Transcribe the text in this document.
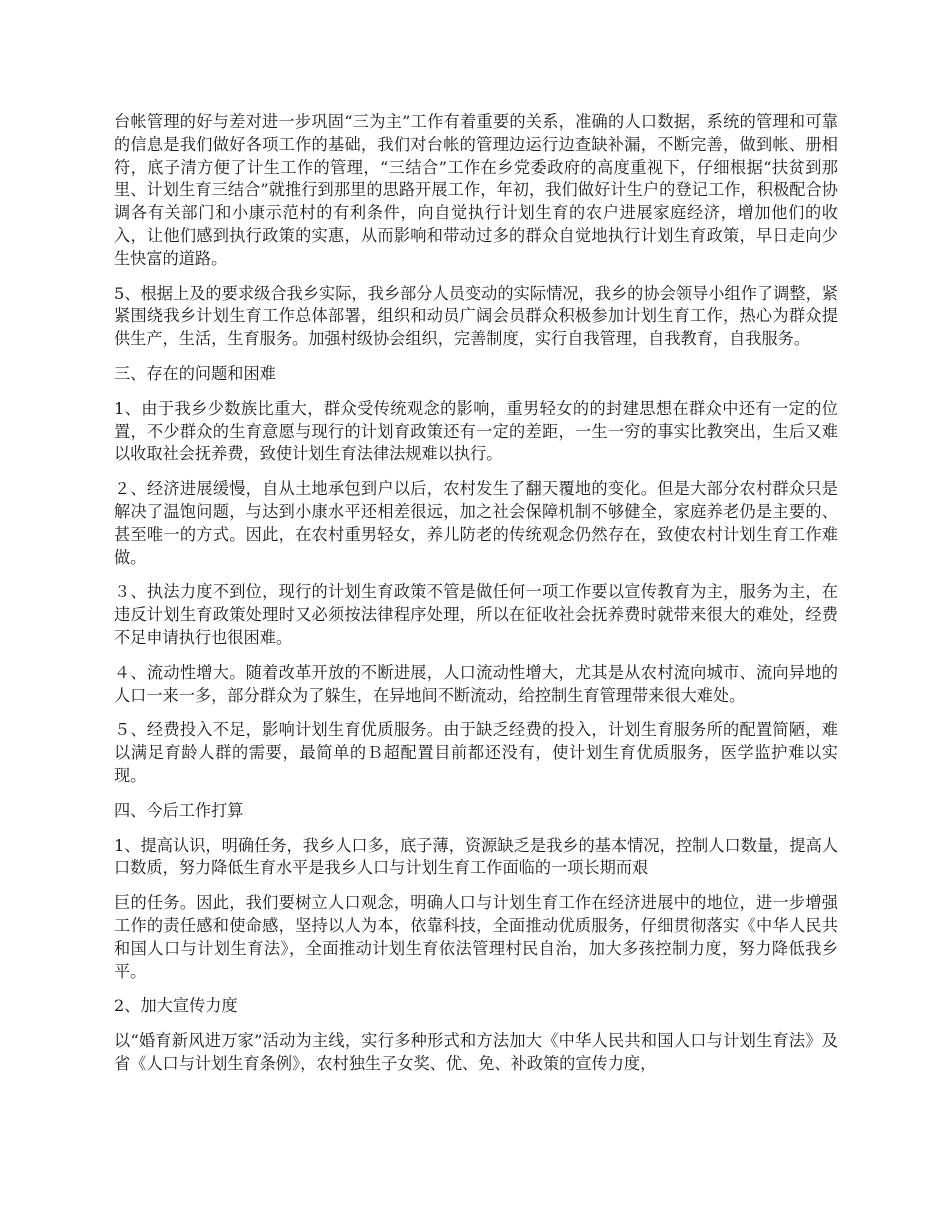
台帐管理的好与差对进一步巩固“三为主”工作有着重要的关系，准确的人口数据，系统的管理和可靠的信息是我们做好各项工作的基础，我们对台帐的管理边运行边查缺补漏，不断完善，做到帐、册相符，底子清方便了计生工作的管理，“三结合”工作在乡党委政府的高度重视下，仔细根据“扶贫到那里、计划生育三结合”就推行到那里的思路开展工作，年初，我们做好计生户的登记工作，积极配合协调各有关部门和小康示范村的有利条件，向自觉执行计划生育的农户进展家庭经济，增加他们的收入，让他们感到执行政策的实惠，从而影响和带动过多的群众自觉地执行计划生育政策，早日走向少生快富的道路。

5、根据上及的要求级合我乡实际，我乡部分人员变动的实际情况，我乡的协会领导小组作了调整，紧紧围绕我乡计划生育工作总体部署，组织和动员广阔会员群众积极参加计划生育工作，热心为群众提供生产，生活，生育服务。加强村级协会组织，完善制度，实行自我管理，自我教育，自我服务。

三、存在的问题和困难

1、由于我乡少数族比重大，群众受传统观念的影响，重男轻女的的封建思想在群众中还有一定的位置，不少群众的生育意愿与现行的计划育政策还有一定的差距，一生一穷的事实比教突出，生后又难以收取社会抚养费，致使计划生育法律法规难以执行。

２、经济进展缓慢，自从土地承包到户以后，农村发生了翻天覆地的变化。但是大部分农村群众只是解决了温饱问题，与达到小康水平还相差很远，加之社会保障机制不够健全，家庭养老仍是主要的、甚至唯一的方式。因此，在农村重男轻女，养儿防老的传统观念仍然存在，致使农村计划生育工作难做。

３、执法力度不到位，现行的计划生育政策不管是做任何一项工作要以宣传教育为主，服务为主，在违反计划生育政策处理时又必须按法律程序处理，所以在征收社会抚养费时就带来很大的难处，经费不足申请执行也很困难。

４、流动性增大。随着改革开放的不断进展，人口流动性增大，尤其是从农村流向城市、流向异地的人口一来一多，部分群众为了躲生，在异地间不断流动，给控制生育管理带来很大难处。

５、经费投入不足，影响计划生育优质服务。由于缺乏经费的投入，计划生育服务所的配置简陋，难以满足育龄人群的需要，最简单的Ｂ超配置目前都还没有，使计划生育优质服务，医学监护难以实现。

四、今后工作打算

1、提高认识，明确任务，我乡人口多，底子薄，资源缺乏是我乡的基本情况，控制人口数量，提高人口数质，努力降低生育水平是我乡人口与计划生育工作面临的一项长期而艰

巨的任务。因此，我们要树立人口观念，明确人口与计划生育工作在经济进展中的地位，进一步增强工作的责任感和使命感，坚持以人为本，依靠科技，全面推动优质服务，仔细贯彻落实《中华人民共和国人口与计划生育法》，全面推动计划生育依法管理村民自治，加大多孩控制力度，努力降低我乡平。

2、加大宣传力度

以“婚育新风进万家”活动为主线，实行多种形式和方法加大《中华人民共和国人口与计划生育法》及省《人口与计划生育条例》，农村独生子女奖、优、免、补政策的宣传力度，
